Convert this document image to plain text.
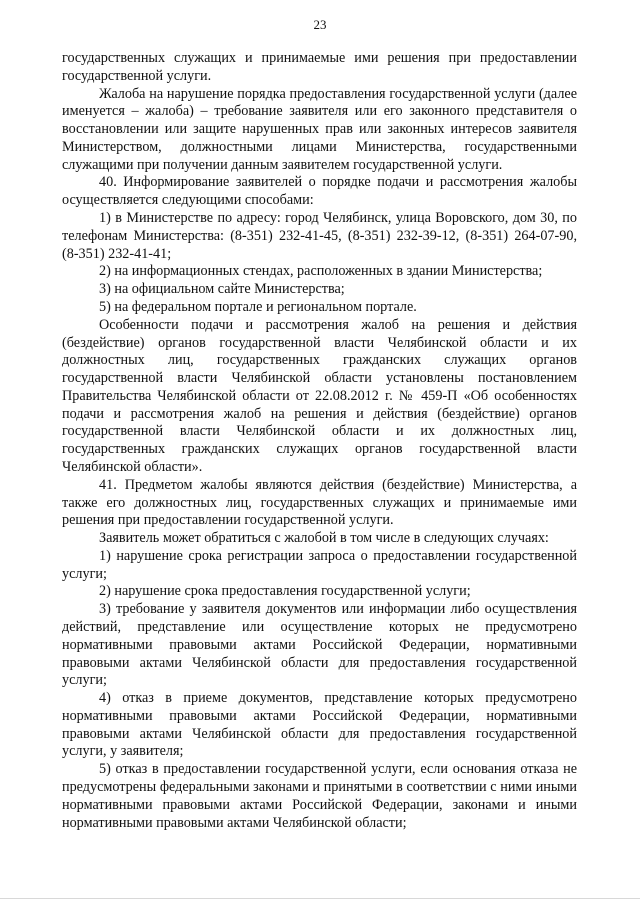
23

государственных служащих и принимаемые ими решения при предоставлении государственной услуги.

Жалоба на нарушение порядка предоставления государственной услуги (далее именуется – жалоба) – требование заявителя или его законного представителя о восстановлении или защите нарушенных прав или законных интересов заявителя Министерством, должностными лицами Министерства, государственными служащими при получении данным заявителем государственной услуги.

40. Информирование заявителей о порядке подачи и рассмотрения жалобы осуществляется следующими способами:

1) в Министерстве по адресу: город Челябинск, улица Воровского, дом 30, по телефонам Министерства: (8-351) 232-41-45, (8-351) 232-39-12, (8-351) 264-07-90, (8-351) 232-41-41;

2) на информационных стендах, расположенных в здании Министерства;

3) на официальном сайте Министерства;

5) на федеральном портале и региональном портале.

Особенности подачи и рассмотрения жалоб на решения и действия (бездействие) органов государственной власти Челябинской области и их должностных лиц, государственных гражданских служащих органов государственной власти Челябинской области установлены постановлением Правительства Челябинской области от 22.08.2012 г. № 459-П «Об особенностях подачи и рассмотрения жалоб на решения и действия (бездействие) органов государственной власти Челябинской области и их должностных лиц, государственных гражданских служащих органов государственной власти Челябинской области».

41. Предметом жалобы являются действия (бездействие) Министерства, а также его должностных лиц, государственных служащих и принимаемые ими решения при предоставлении государственной услуги.

Заявитель может обратиться с жалобой в том числе в следующих случаях:

1) нарушение срока регистрации запроса о предоставлении государственной услуги;

2) нарушение срока предоставления государственной услуги;

3) требование у заявителя документов или информации либо осуществления действий, представление или осуществление которых не предусмотрено нормативными правовыми актами Российской Федерации, нормативными правовыми актами Челябинской области для предоставления государственной услуги;

4) отказ в приеме документов, представление которых предусмотрено нормативными правовыми актами Российской Федерации, нормативными правовыми актами Челябинской области для предоставления государственной услуги, у заявителя;

5) отказ в предоставлении государственной услуги, если основания отказа не предусмотрены федеральными законами и принятыми в соответствии с ними иными нормативными правовыми актами Российской Федерации, законами и иными нормативными правовыми актами Челябинской области;
